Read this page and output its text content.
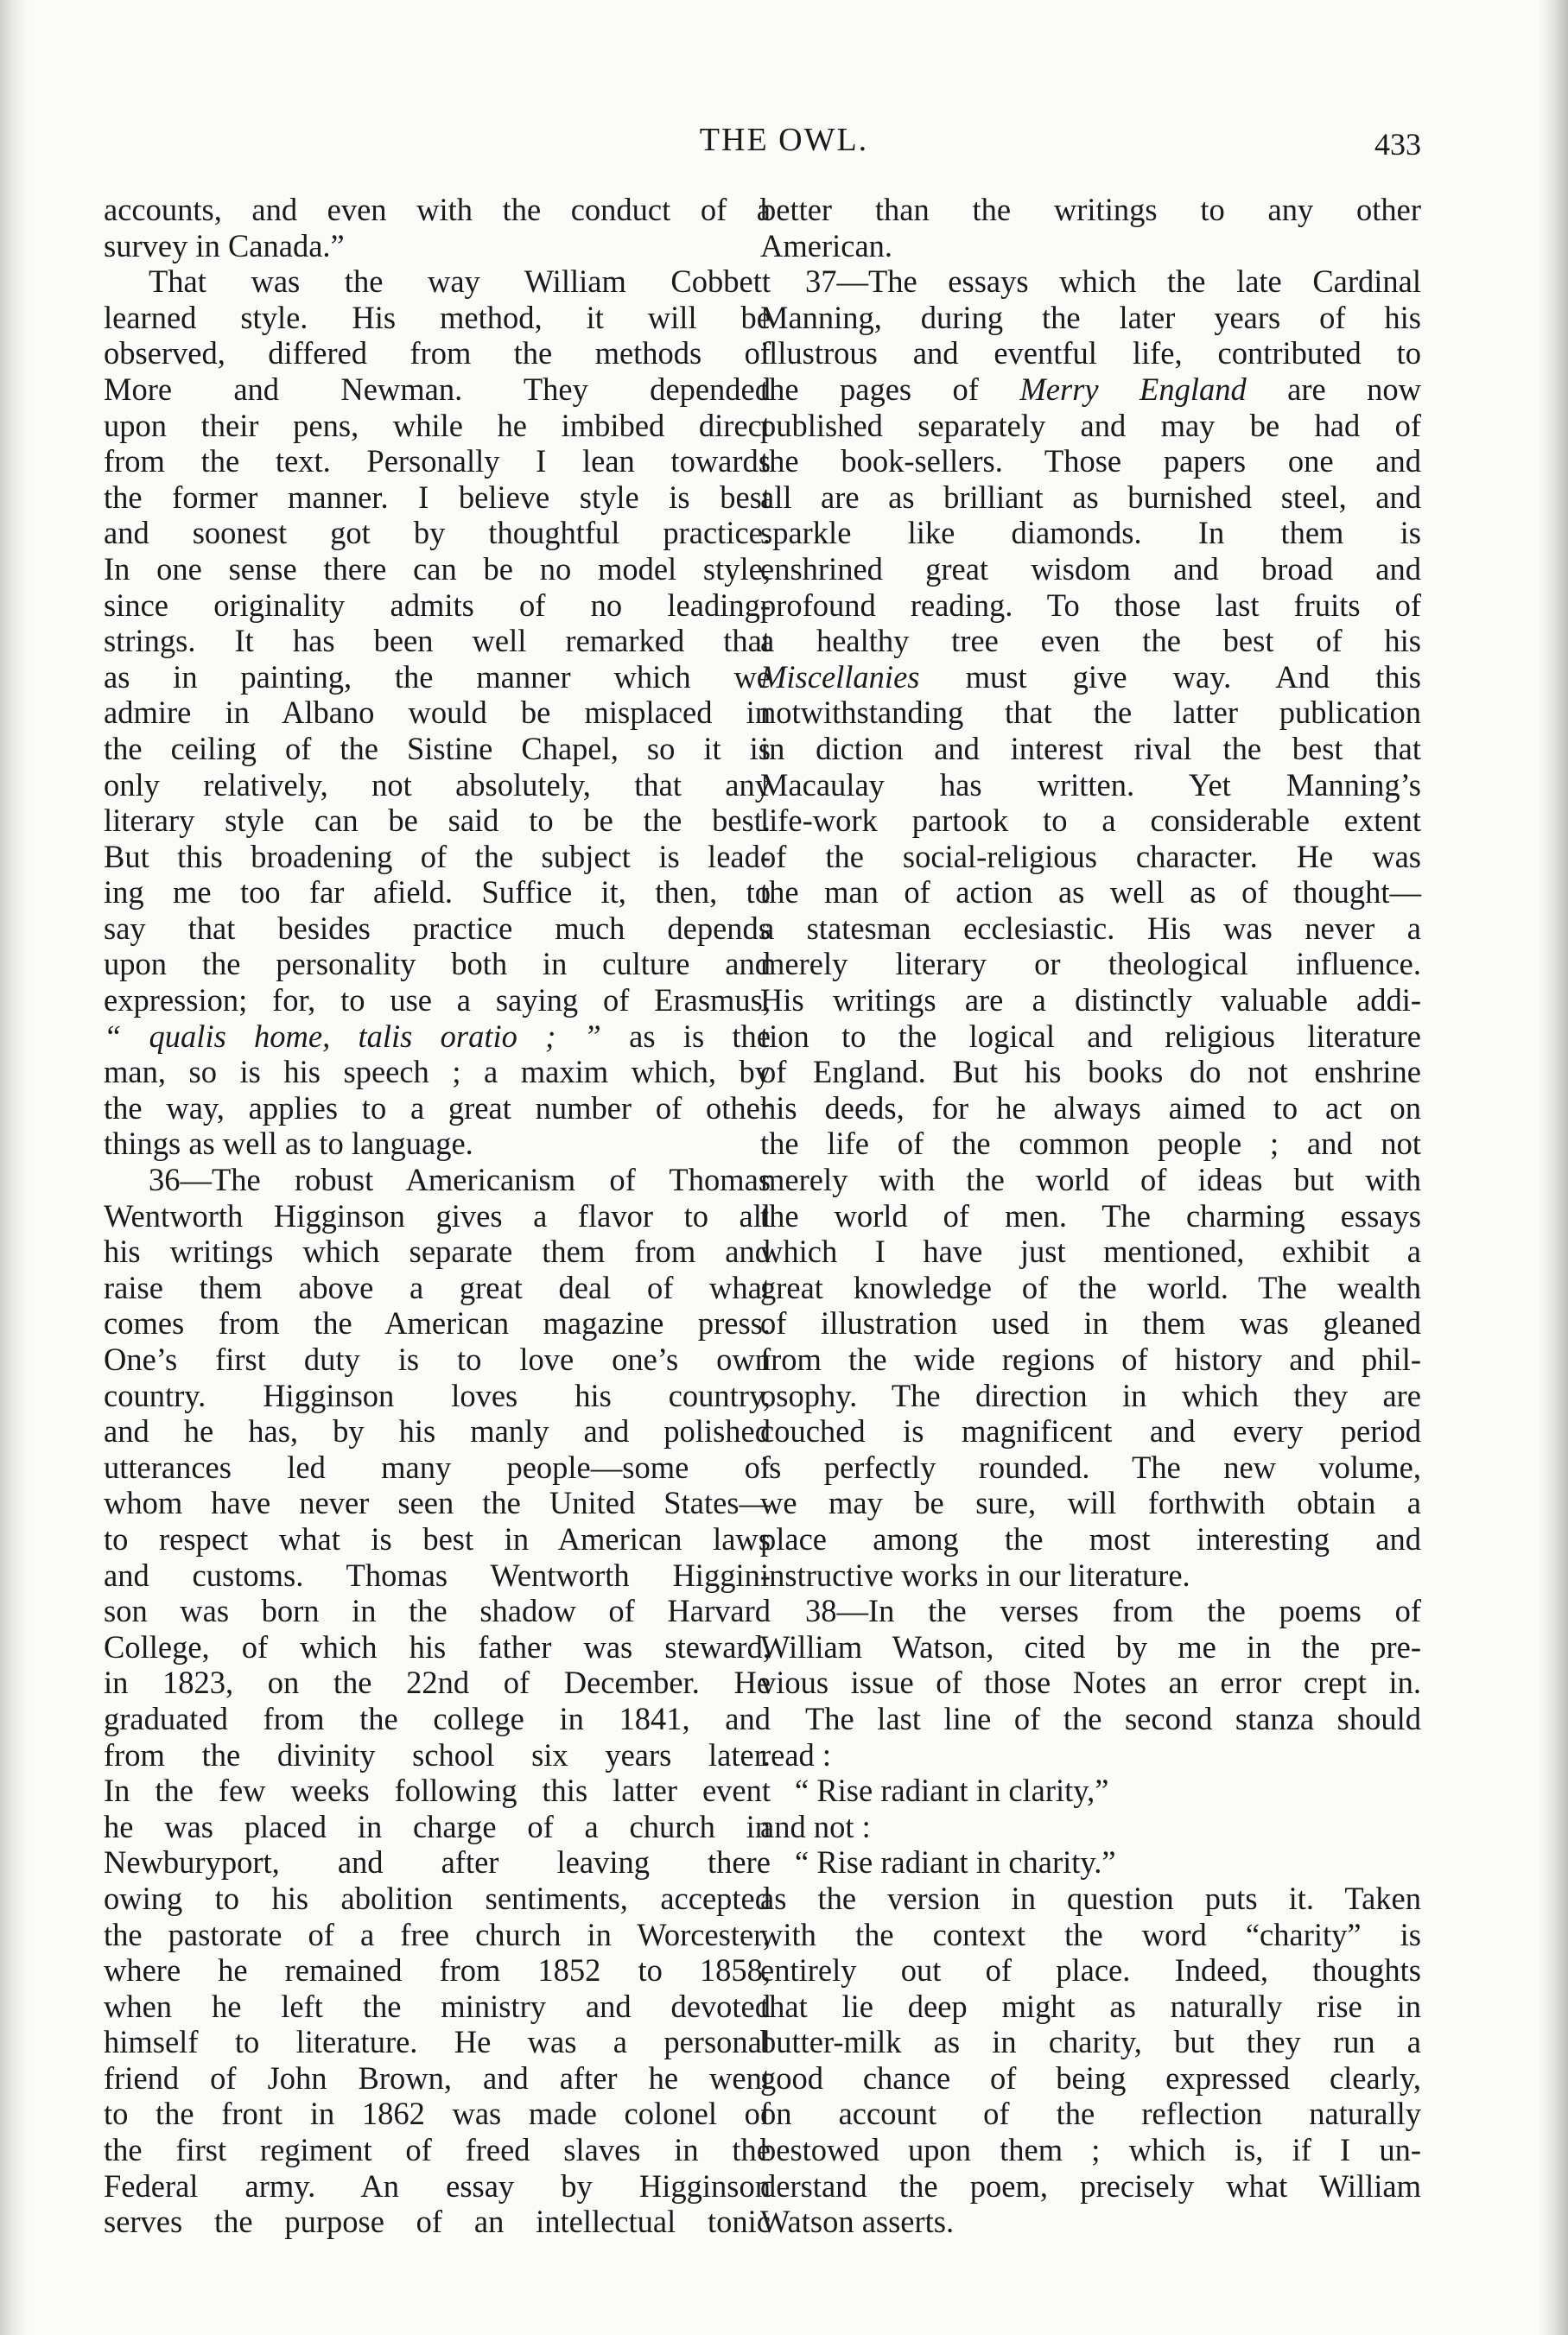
THE OWL.	433
accounts, and even with the conduct of a
survey in Canada.”
That was the way William Cobbett
learned style. His method, it will be
observed, differed from the methods of
More and Newman. They depended
upon their pens, while he imbibed direct
from the text. Personally I lean towards
the former manner. I believe style is best
and soonest got by thoughtful practice.
In one sense there can be no model style,
since originality admits of no leading-
strings. It has been well remarked that
as in painting, the manner which we
admire in Albano would be misplaced in
the ceiling of the Sistine Chapel, so it is
only relatively, not absolutely, that any
literary style can be said to be the best.
But this broadening of the subject is lead-
ing me too far afield. Suffice it, then, to
say that besides practice much depends
upon the personality both in culture and
expression; for, to use a saying of Erasmus,
“ qualis home, talis oratio ; ” as is the
man, so is his speech ; a maxim which, by
the way, applies to a great number of other
things as well as to language.
36—The robust Americanism of Thomas
Wentworth Higginson gives a flavor to all
his writings which separate them from and
raise them above a great deal of what
comes from the American magazine press.
One’s first duty is to love one’s own
country. Higginson loves his country,
and he has, by his manly and polished
utterances led many people—some of
whom have never seen the United States—
to respect what is best in American laws
and customs. Thomas Wentworth Higgin-
son was born in the shadow of Harvard
College, of which his father was steward,
in 1823, on the 22nd of December. He
graduated from the college in 1841, and
from the divinity school six years later.
In the few weeks following this latter event
he was placed in charge of a church in
Newburyport, and after leaving there
owing to his abolition sentiments, accepted
the pastorate of a free church in Worcester,
where he remained from 1852 to 1858,
when he left the ministry and devoted
himself to literature. He was a personal
friend of John Brown, and after he went
to the front in 1862 was made colonel of
the first regiment of freed slaves in the
Federal army. An essay by Higginson
serves the purpose of an intellectual tonic
better than the writings to any other
American.
37—The essays which the late Cardinal
Manning, during the later years of his
illustrous and eventful life, contributed to
the pages of Merry England are now
published separately and may be had of
the book-sellers. Those papers one and
all are as brilliant as burnished steel, and
sparkle like diamonds. In them is
enshrined great wisdom and broad and
profound reading. To those last fruits of
a healthy tree even the best of his
Miscellanies must give way. And this
notwithstanding that the latter publication
in diction and interest rival the best that
Macaulay has written. Yet Manning’s
life-work partook to a considerable extent
of the social-religious character. He was
the man of action as well as of thought—
a statesman ecclesiastic. His was never a
merely literary or theological influence.
His writings are a distinctly valuable addi-
tion to the logical and religious literature
of England. But his books do not enshrine
his deeds, for he always aimed to act on
the life of the common people ; and not
merely with the world of ideas but with
the world of men. The charming essays
which I have just mentioned, exhibit a
great knowledge of the world. The wealth
of illustration used in them was gleaned
from the wide regions of history and phil-
osophy. The direction in which they are
couched is magnificent and every period
is perfectly rounded. The new volume,
we may be sure, will forthwith obtain a
place among the most interesting and
instructive works in our literature.
38—In the verses from the poems of
William Watson, cited by me in the pre-
vious issue of those Notes an error crept in.
The last line of the second stanza should
read :
“ Rise radiant in clarity,”
and not :
“ Rise radiant in charity.”
as the version in question puts it. Taken
with the context the word “charity” is
entirely out of place. Indeed, thoughts
that lie deep might as naturally rise in
butter-milk as in charity, but they run a
good chance of being expressed clearly,
on account of the reflection naturally
bestowed upon them ; which is, if I un-
derstand the poem, precisely what William
Watson asserts.
